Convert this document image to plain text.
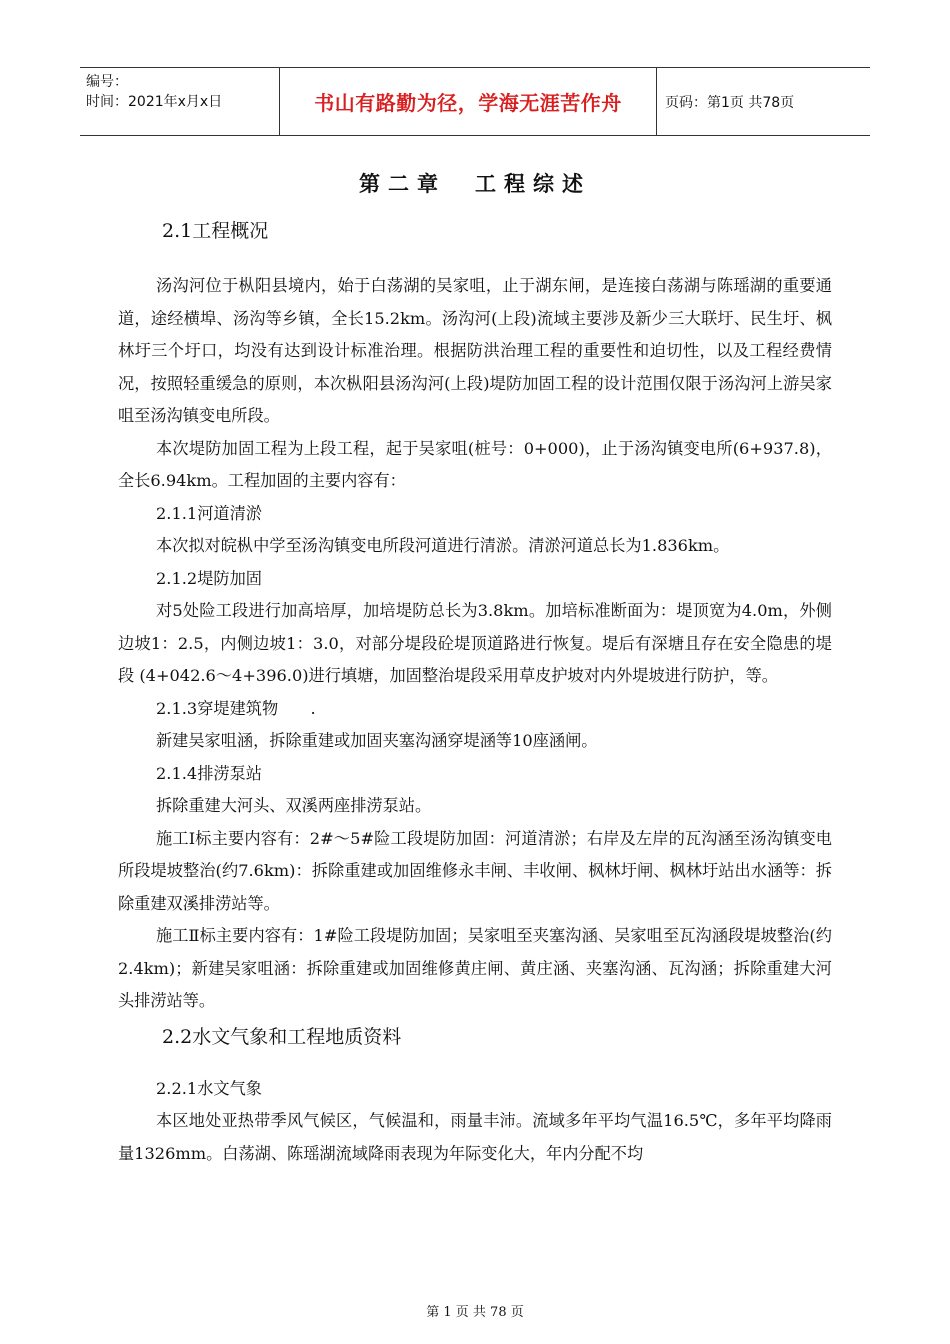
编号：
时间：2021年x月x日	书山有路勤为径，学海无涯苦作舟	页码：第1页 共78页
第二章　工程综述
2.1工程概况

汤沟河位于枞阳县境内，始于白荡湖的吴家咀，止于湖东闸，是连接白荡湖与陈瑶湖的重要通道，途经横埠、汤沟等乡镇，全长15.2km。汤沟河(上段)流域主要涉及新少三大联圩、民生圩、枫林圩三个圩口，均没有达到设计标准治理。根据防洪治理工程的重要性和迫切性，以及工程经费情况，按照轻重缓急的原则，本次枞阳县汤沟河(上段)堤防加固工程的设计范围仅限于汤沟河上游吴家咀至汤沟镇变电所段。

本次堤防加固工程为上段工程，起于吴家咀(桩号：0+000)，止于汤沟镇变电所(6+937.8)，全长6.94km。工程加固的主要内容有：

2.1.1河道清淤

本次拟对皖枞中学至汤沟镇变电所段河道进行清淤。清淤河道总长为1.836km。

2.1.2堤防加固

对5处险工段进行加高培厚，加培堤防总长为3.8km。加培标准断面为：堤顶宽为4.0m，外侧边坡1：2.5，内侧边坡1：3.0，对部分堤段砼堤顶道路进行恢复。堤后有深塘且存在安全隐患的堤段 (4+042.6～4+396.0)进行填塘，加固整治堤段采用草皮护坡对内外堤坡进行防护，等。

2.1.3穿堤建筑物　　.

新建吴家咀涵，拆除重建或加固夹塞沟涵穿堤涵等10座涵闸。

2.1.4排涝泵站

拆除重建大河头、双溪两座排涝泵站。

施工Ⅰ标主要内容有：2#～5#险工段堤防加固：河道清淤；右岸及左岸的瓦沟涵至汤沟镇变电所段堤坡整治(约7.6km)：拆除重建或加固维修永丰闸、丰收闸、枫林圩闸、枫林圩站出水涵等：拆除重建双溪排涝站等。

施工Ⅱ标主要内容有：1#险工段堤防加固；吴家咀至夹塞沟涵、吴家咀至瓦沟涵段堤坡整治(约2.4km)；新建吴家咀涵：拆除重建或加固维修黄庄闸、黄庄涵、夹塞沟涵、瓦沟涵；拆除重建大河头排涝站等。

2.2水文气象和工程地质资料

2.2.1水文气象

本区地处亚热带季风气候区，气候温和，雨量丰沛。流域多年平均气温16.5℃，多年平均降雨量1326mm。白荡湖、陈瑶湖流域降雨表现为年际变化大，年内分配不均

第 1 页 共 78 页
